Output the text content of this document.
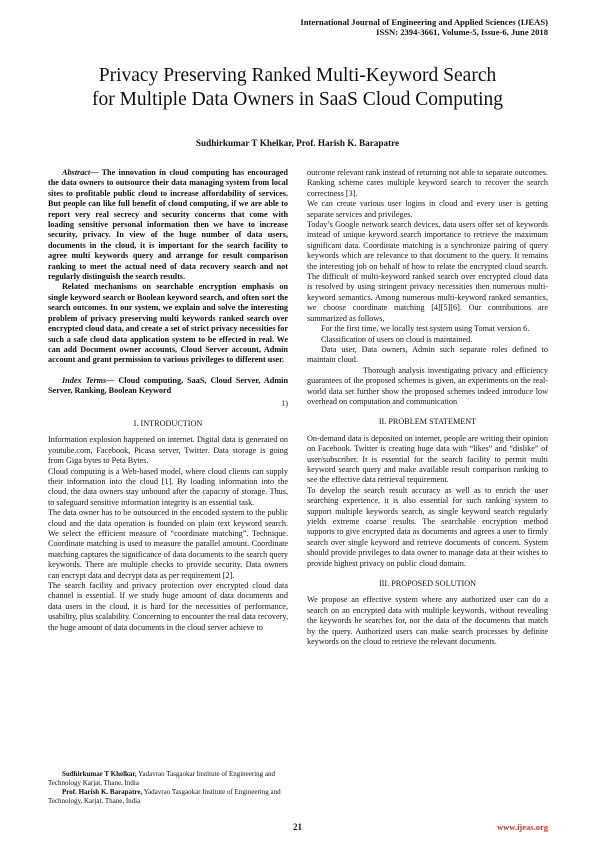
International Journal of Engineering and Applied Sciences (IJEAS)
ISSN: 2394-3661, Volume-5, Issue-6, June 2018
Privacy Preserving Ranked Multi-Keyword Search
for Multiple Data Owners in SaaS Cloud Computing
Sudhirkumar T Khelkar, Prof. Harish K. Barapatre

Abstract— The innovation in cloud computing has encouraged the data owners to outsource their data managing system from local sites to profitable public cloud to increase affordability of services. But people can like full benefit of cloud computing, if we are able to report very real secrecy and security concerns that come with loading sensitive personal information then we have to increase security, privacy. In view of the huge number of data users, documents in the cloud, it is important for the search facility to agree multi keywords query and arrange for result comparison ranking to meet the actual need of data recovery search and not regularly distinguish the search results.

Related mechanisms on searchable encryption emphasis on single keyword search or Boolean keyword search, and often sort the search outcomes. In our system, we explain and solve the interesting problem of privacy preserving multi keywords ranked search over encrypted cloud data, and create a set of strict privacy necessities for such a safe cloud data application system to be effected in real. We can add Document owner accounts, Cloud Server account, Admin account and grant permission to various privileges to different user.

Index Terms— Cloud computing, SaaS, Cloud Server, Admin Server, Ranking, Boolean Keyword

1)

I. INTRODUCTION

Information explosion happened on internet. Digital data is generated on youtube.com, Facebook, Picasa server, Twitter. Data storage is going from Giga bytes to Peta Bytes.

Cloud computing is a Web-based model, where cloud clients can supply their information into the cloud [1]. By loading information into the cloud, the data owners stay unbound after the capacity of storage. Thus, to safeguard sensitive information integrity is an essential task.

The data owner has to be outsourced in the encoded system to the public cloud and the data operation is founded on plain text keyword search. We select the efficient measure of “coordinate matching”. Technique. Coordinate matching is used to measure the parallel amount. Coordinate matching captures the significance of data documents to the search query keywords. There are multiple checks to provide security. Data owners can encrypt data and decrypt data as per requirement [2].

The search facility and privacy protection over encrypted cloud data channel is essential. If we study huge amount of data documents and data users in the cloud, it is hard for the necessities of performance, usability, plus scalability. Concerning to encounter the real data recovery, the huge amount of data documents in the cloud server achieve to

Sudhirkumar T Khelkar, Yadavrao Tasgaokar Institute of Engineering and Technology Karjat, Thane, India

Prof. Harish K. Barapatre, Yadavrao Tasgaokar Institute of Engineering and Technology, Karjat, Thane, India

outcome relevant rank instead of returning not able to separate outcomes. Ranking scheme cares multiple keyword search to recover the search correctness [3].

We can create various user logins in cloud and every user is getting separate services and privileges.

Today’s Google network search devices, data users offer set of keywords instead of unique keyword search importance to retrieve the maximum significant data. Coordinate matching is a synchronize pairing of query keywords which are relevance to that document to the query. It remains the interesting job on behalf of how to relate the encrypted cloud search. The difficult of multi-keyword ranked search over encrypted cloud data is resolved by using stringent privacy necessities then numerous multi-keyword semantics. Among numerous multi-keyword ranked semantics, we choose coordinate matching [4][5][6]. Our contributions are summarized as follows,

For the first time, we locally test system using Tomat version 6.

Classification of users on cloud is maintained.

Data user, Data owners, Admin such separate roles defined to maintain cloud.

Thorough analysis investigating privacy and efficiency guarantees of the proposed schemes is given, an experiments on the real-world data set further show the proposed schemes indeed introduce low overhead on computation and communication

II. PROBLEM STATEMENT

On-demand data is deposited on internet, people are writing their opinion on Facebook. Twitter is creating huge data with “likes” and “dislike” of user/subscriber. It is essential for the search facility to permit multi keyword search query and make available result comparison ranking to see the effective data retrieval requirement.

To develop the search result accuracy as well as to enrich the user searching experience, it is also essential for such ranking system to support multiple keywords search, as single keyword search regularly yields extreme coarse results. The searchable encryption method supports to give encrypted data as documents and agrees a user to firmly search over single keyword and retrieve documents of concern. System should provide privileges to data owner to manage data at their wishes to provide highest privacy on public cloud domain.

III. PROPOSED SOLUTION

We propose an effective system where any authorized user can do a search on an encrypted data with multiple keywords, without revealing the keywords he searches for, nor the data of the documents that match by the query. Authorized users can make search processes by definite keywords on the cloud to retrieve the relevant documents.

21	www.ijeas.org
